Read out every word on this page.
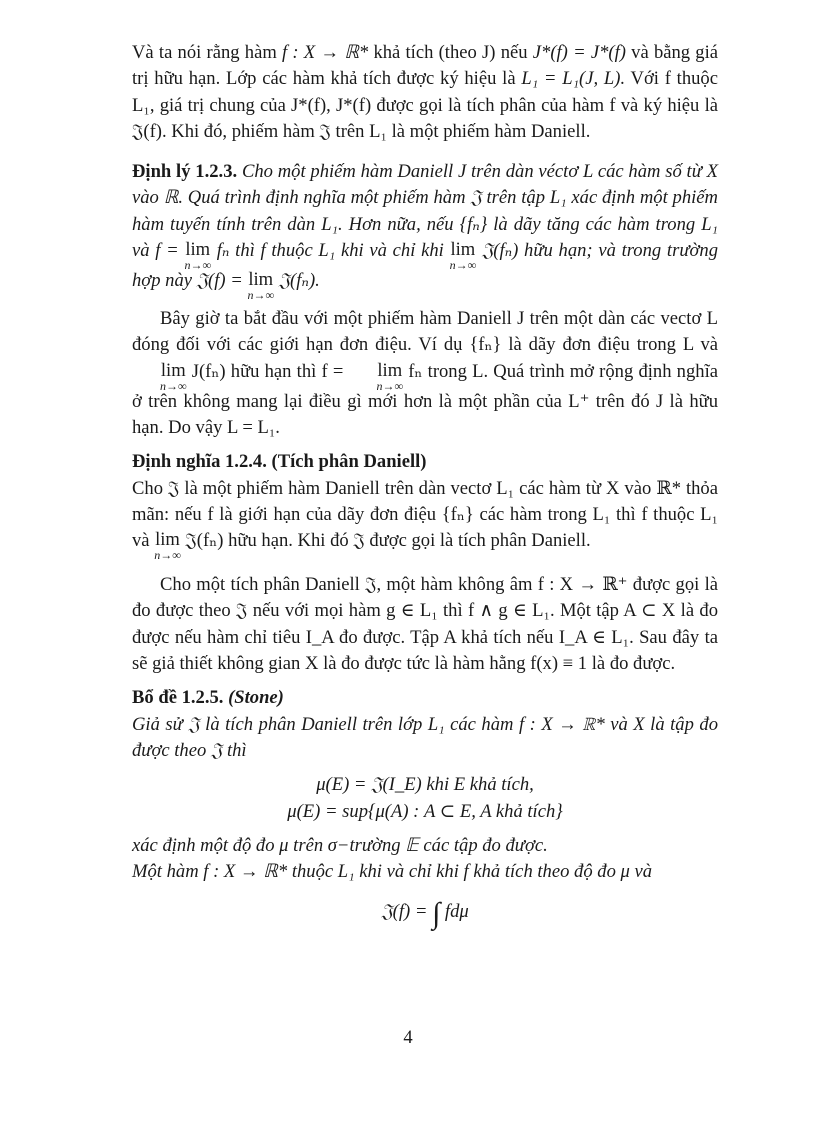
Và ta nói rằng hàm f : X → ℝ* khả tích (theo J) nếu J*(f) = J*(f) và bằng giá trị hữu hạn. Lớp các hàm khả tích được ký hiệu là L₁ = L₁(J, L). Với f thuộc L₁, giá trị chung của J*(f), J*(f) được gọi là tích phân của hàm f và ký hiệu là 𝔍(f). Khi đó, phiếm hàm 𝔍 trên L₁ là một phiếm hàm Daniell.

Định lý 1.2.3. Cho một phiếm hàm Daniell J trên dàn véctơ L các hàm số từ X vào ℝ. Quá trình định nghĩa một phiếm hàm 𝔍 trên tập L₁ xác định một phiếm hàm tuyến tính trên dàn L₁. Hơn nữa, nếu {fₙ} là dãy tăng các hàm trong L₁ và f = lim
n→∞
fₙ thì f thuộc L₁ khi và chỉ khi lim
n→∞
𝔍(fₙ) hữu hạn; và trong trường hợp này 𝔍(f) = lim
n→∞
𝔍(fₙ).

Bây giờ ta bắt đầu với một phiếm hàm Daniell J trên một dàn các vectơ L đóng đối với các giới hạn đơn điệu. Ví dụ {fₙ} là dãy đơn điệu trong L và
lim
n→∞
J(fₙ) hữu hạn thì f =	lim
n→∞
fₙ trong L. Quá trình mở rộng định nghĩa ở trên không mang lại điều gì mới hơn là một phần của L⁺ trên đó J là hữu hạn. Do vậy L = L₁.

Định nghĩa 1.2.4. (Tích phân Daniell)
Cho 𝔍 là một phiếm hàm Daniell trên dàn vectơ L₁ các hàm từ X vào ℝ* thỏa mãn: nếu f là giới hạn của dãy đơn điệu {fₙ} các hàm trong L₁ thì f thuộc L₁ và lim
n→∞
𝔍(fₙ) hữu hạn. Khi đó 𝔍 được gọi là tích phân Daniell.

Cho một tích phân Daniell 𝔍, một hàm không âm f : X → ℝ⁺ được gọi là đo được theo 𝔍 nếu với mọi hàm g ∈ L₁ thì f ∧ g ∈ L₁. Một tập A ⊂ X là đo được nếu hàm chỉ tiêu I_A đo được. Tập A khả tích nếu I_A ∈ L₁. Sau đây ta sẽ giả thiết không gian X là đo được tức là hàm hằng f(x) ≡ 1 là đo được.

Bổ đề 1.2.5. (Stone)
Giả sử 𝔍 là tích phân Daniell trên lớp L₁ các hàm f : X → ℝ* và X là tập đo được theo 𝔍 thì
μ(E) = 𝔍(I_E) khi E khả tích,
μ(E) = sup{μ(A) : A ⊂ E, A khả tích}
xác định một độ đo μ trên σ−trường 𝔼 các tập đo được.
Một hàm f : X → ℝ* thuộc L₁ khi và chỉ khi f khả tích theo độ đo μ và
𝔍(f) = ∫ fdμ
4
